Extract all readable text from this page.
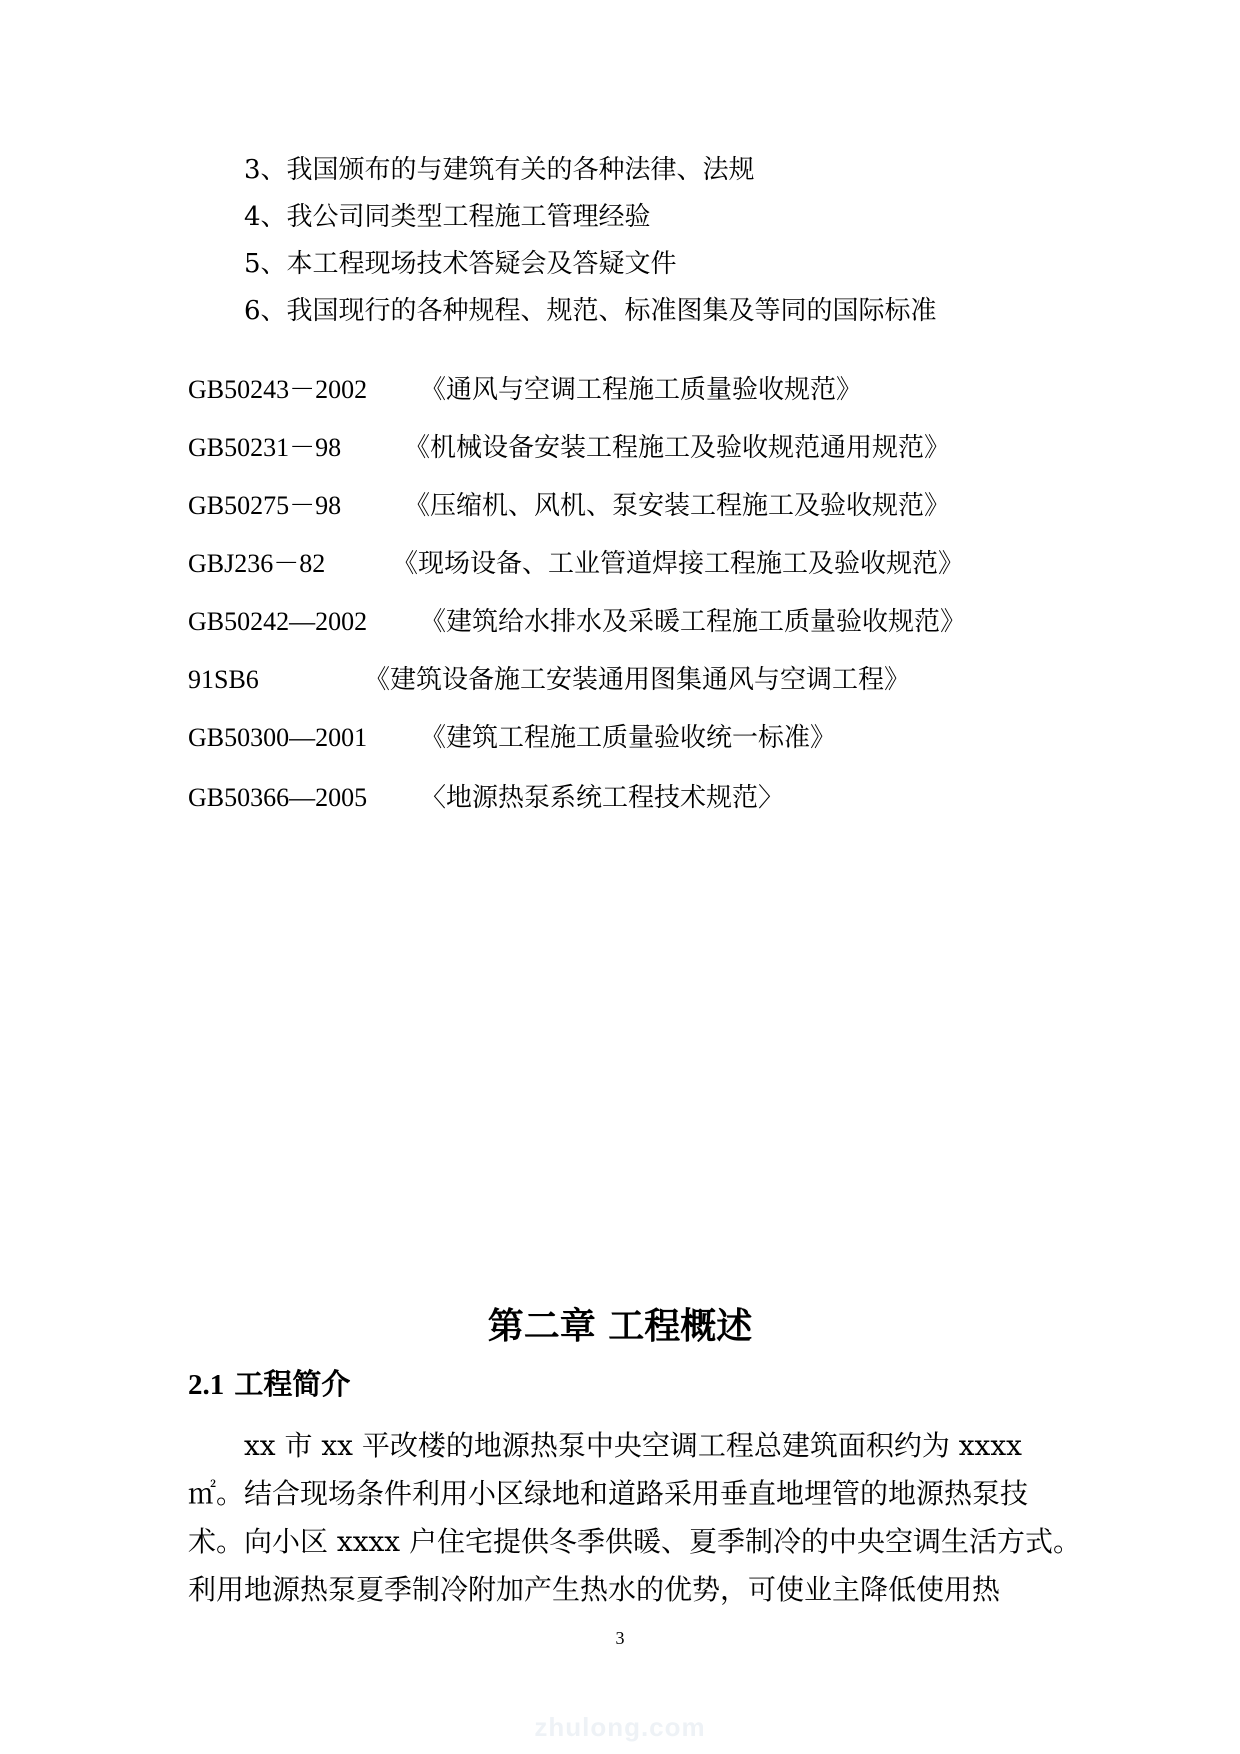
3、我国颁布的与建筑有关的各种法律、法规
4、我公司同类型工程施工管理经验
5、本工程现场技术答疑会及答疑文件
6、我国现行的各种规程、规范、标准图集及等同的国际标准
GB50243－2002 《通风与空调工程施工质量验收规范》
GB50231－98 《机械设备安装工程施工及验收规范通用规范》
GB50275－98 《压缩机、风机、泵安装工程施工及验收规范》
GBJ236－82	《现场设备、工业管道焊接工程施工及验收规范》
GB50242—2002 《建筑给水排水及采暖工程施工质量验收规范》
91SB6	《建筑设备施工安装通用图集通风与空调工程》
GB50300—2001 《建筑工程施工质量验收统一标准》
GB50366—2005 〈地源热泵系统工程技术规范〉
第二章 工程概述
2.1 工程简介
xx 市 xx 平改楼的地源热泵中央空调工程总建筑面积约为 xxxx
㎡。结合现场条件利用小区绿地和道路采用垂直地埋管的地源热泵技
术。向小区 xxxx 户住宅提供冬季供暖、夏季制冷的中央空调生活方式。
利用地源热泵夏季制冷附加产生热水的优势，可使业主降低使用热
3
zhulong.com
